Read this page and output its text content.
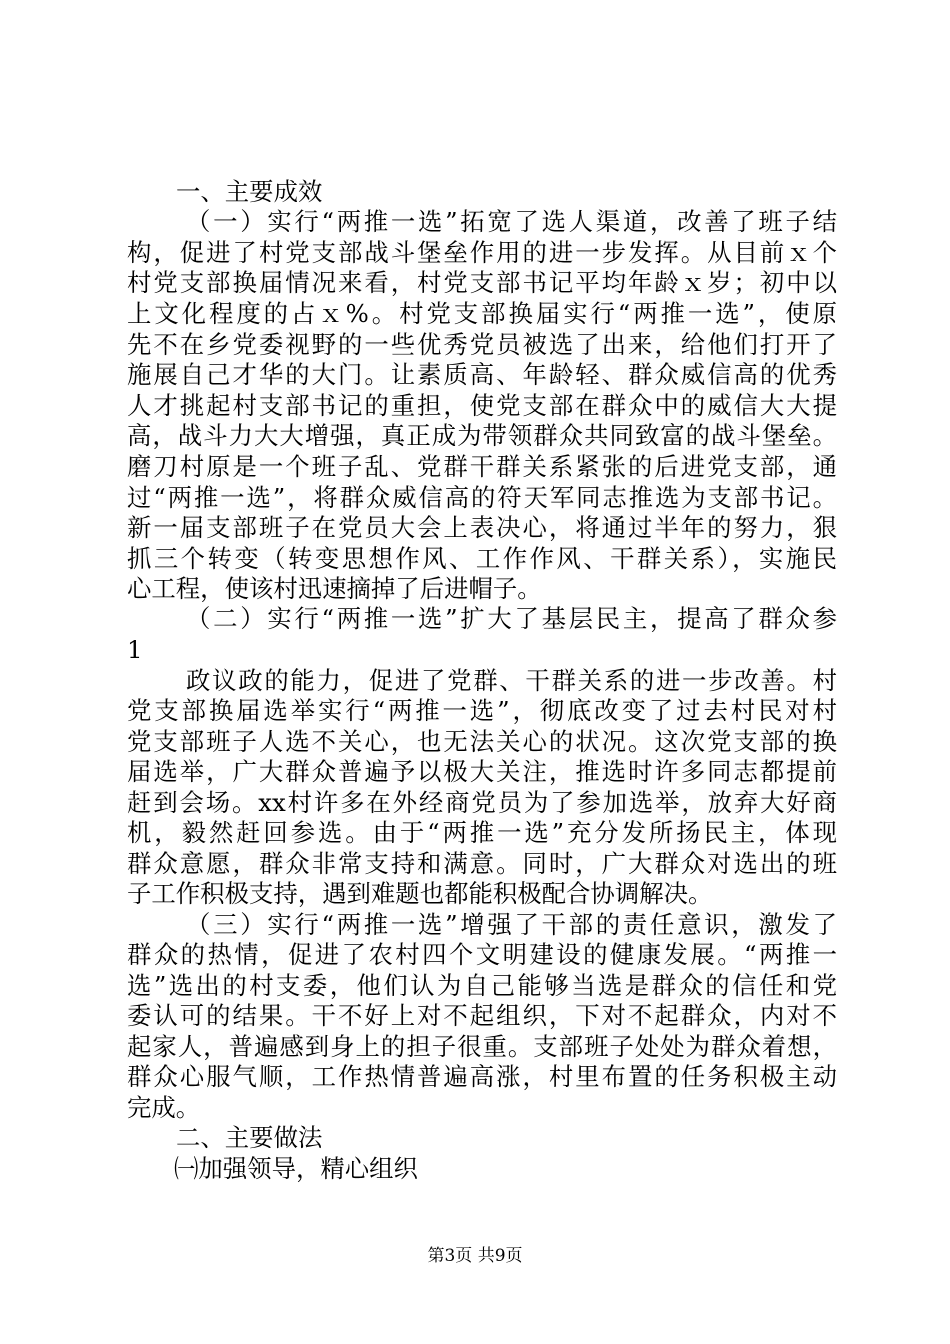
一、主要成效
（一）实行“两推一选”拓宽了选人渠道，改善了班子结
构，促进了村党支部战斗堡垒作用的进一步发挥。从目前ｘ个
村党支部换届情况来看，村党支部书记平均年龄ｘ岁；初中以
上文化程度的占ｘ%。村党支部换届实行“两推一选”，使原
先不在乡党委视野的一些优秀党员被选了出来，给他们打开了
施展自己才华的大门。让素质高、年龄轻、群众威信高的优秀
人才挑起村支部书记的重担，使党支部在群众中的威信大大提
高，战斗力大大增强，真正成为带领群众共同致富的战斗堡垒。
磨刀村原是一个班子乱、党群干群关系紧张的后进党支部，通
过“两推一选”，将群众威信高的符天军同志推选为支部书记。
新一届支部班子在党员大会上表决心，将通过半年的努力，狠
抓三个转变（转变思想作风、工作作风、干群关系），实施民
心工程，使该村迅速摘掉了后进帽子。
（二）实行“两推一选”扩大了基层民主，提高了群众参
1
政议政的能力，促进了党群、干群关系的进一步改善。村
党支部换届选举实行“两推一选”，彻底改变了过去村民对村
党支部班子人选不关心，也无法关心的状况。这次党支部的换
届选举，广大群众普遍予以极大关注，推选时许多同志都提前
赶到会场。xx村许多在外经商党员为了参加选举，放弃大好商
机，毅然赶回参选。由于“两推一选”充分发所扬民主，体现
群众意愿，群众非常支持和满意。同时，广大群众对选出的班
子工作积极支持，遇到难题也都能积极配合协调解决。
（三）实行“两推一选”增强了干部的责任意识，激发了
群众的热情，促进了农村四个文明建设的健康发展。“两推一
选”选出的村支委，他们认为自己能够当选是群众的信任和党
委认可的结果。干不好上对不起组织，下对不起群众，内对不
起家人，普遍感到身上的担子很重。支部班子处处为群众着想，
群众心服气顺，工作热情普遍高涨，村里布置的任务积极主动
完成。
二、主要做法
㈠加强领导，精心组织
第3页 共9页
